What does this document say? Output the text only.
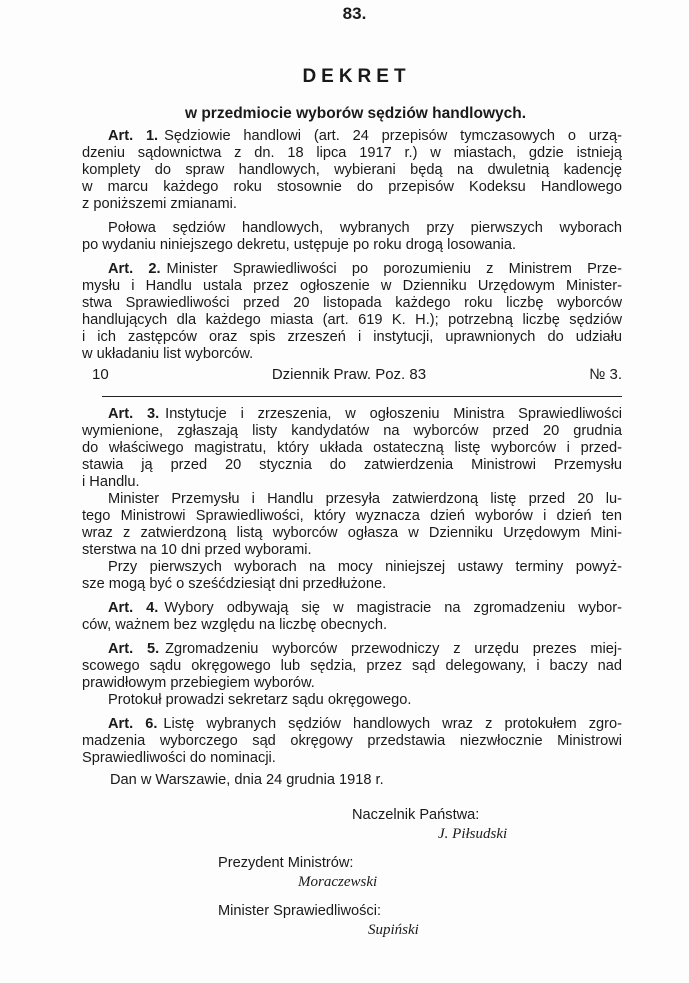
83.
DEKRET
w przedmiocie wyborów sędziów handlowych.
Art. 1. Sędziowie handlowi (art. 24 przepisów tymczasowych o urzą-
dzeniu sądownictwa z dn. 18 lipca 1917 r.) w miastach, gdzie istnieją
komplety do spraw handlowych, wybierani będą na dwuletnią kadencję
w marcu każdego roku stosownie do przepisów Kodeksu Handlowego
z poniższemi zmianami.
Połowa sędziów handlowych, wybranych przy pierwszych wyborach
po wydaniu niniejszego dekretu, ustępuje po roku drogą losowania.
Art. 2. Minister Sprawiedliwości po porozumieniu z Ministrem Prze-
mysłu i Handlu ustala przez ogłoszenie w Dzienniku Urzędowym Minister-
stwa Sprawiedliwości przed 20 listopada każdego roku liczbę wyborców
handlujących dla każdego miasta (art. 619 K. H.); potrzebną liczbę sędziów
i ich zastępców oraz spis zrzeszeń i instytucji, uprawnionych do udziału
w układaniu list wyborców.
10	Dziennik Praw. Poz. 83	№ 3.
Art. 3. Instytucje i zrzeszenia, w ogłoszeniu Ministra Sprawiedliwości
wymienione, zgłaszają listy kandydatów na wyborców przed 20 grudnia
do właściwego magistratu, który układa ostateczną listę wyborców i przed-
stawia ją przed 20 stycznia do zatwierdzenia Ministrowi Przemysłu
i Handlu.
Minister Przemysłu i Handlu przesyła zatwierdzoną listę przed 20 lu-
tego Ministrowi Sprawiedliwości, który wyznacza dzień wyborów i dzień ten
wraz z zatwierdzoną listą wyborców ogłasza w Dzienniku Urzędowym Mini-
sterstwa na 10 dni przed wyborami.
Przy pierwszych wyborach na mocy niniejszej ustawy terminy powyż-
sze mogą być o sześćdziesiąt dni przedłużone.
Art. 4. Wybory odbywają się w magistracie na zgromadzeniu wybor-
ców, ważnem bez względu na liczbę obecnych.
Art. 5. Zgromadzeniu wyborców przewodniczy z urzędu prezes miej-
scowego sądu okręgowego lub sędzia, przez sąd delegowany, i baczy nad
prawidłowym przebiegiem wyborów.
Protokuł prowadzi sekretarz sądu okręgowego.
Art. 6. Listę wybranych sędziów handlowych wraz z protokułem zgro-
madzenia wyborczego sąd okręgowy przedstawia niezwłocznie Ministrowi
Sprawiedliwości do nominacji.
Dan w Warszawie, dnia 24 grudnia 1918 r.
Naczelnik Państwa:
J. Piłsudski
Prezydent Ministrów:
Moraczewski
Minister Sprawiedliwości:
Supiński
